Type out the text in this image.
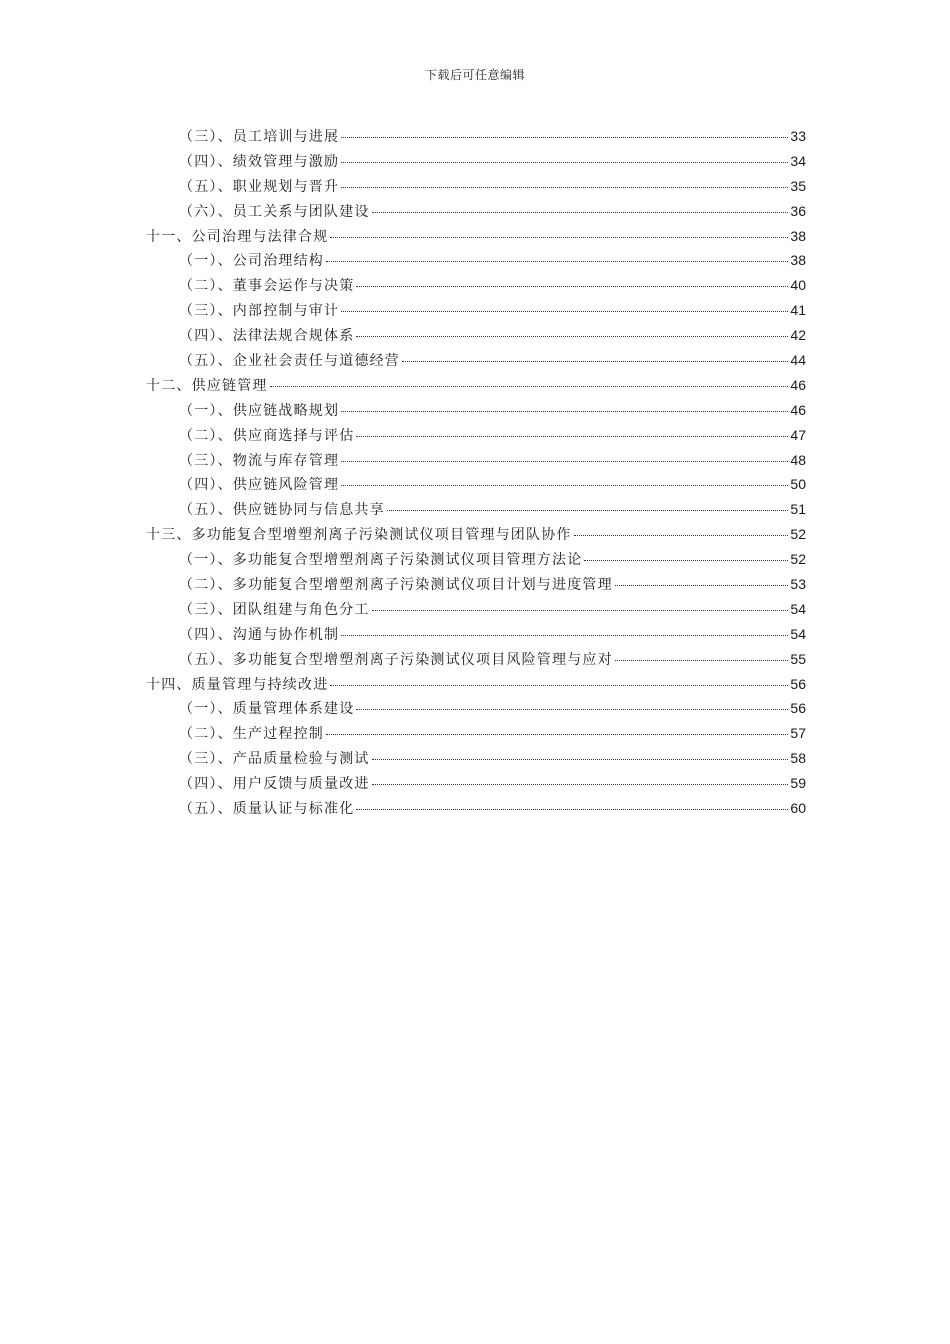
下载后可任意编辑
（三）、员工培训与进展	33
（四）、绩效管理与激励	34
（五）、职业规划与晋升	35
（六）、员工关系与团队建设	36
十一、公司治理与法律合规	38
（一）、公司治理结构	38
（二）、董事会运作与决策	40
（三）、内部控制与审计	41
（四）、法律法规合规体系	42
（五）、企业社会责任与道德经营	44
十二、供应链管理	46
（一）、供应链战略规划	46
（二）、供应商选择与评估	47
（三）、物流与库存管理	48
（四）、供应链风险管理	50
（五）、供应链协同与信息共享	51
十三、多功能复合型增塑剂离子污染测试仪项目管理与团队协作	52
（一）、多功能复合型增塑剂离子污染测试仪项目管理方法论	52
（二）、多功能复合型增塑剂离子污染测试仪项目计划与进度管理	53
（三）、团队组建与角色分工	54
（四）、沟通与协作机制	54
（五）、多功能复合型增塑剂离子污染测试仪项目风险管理与应对	55
十四、质量管理与持续改进	56
（一）、质量管理体系建设	56
（二）、生产过程控制	57
（三）、产品质量检验与测试	58
（四）、用户反馈与质量改进	59
（五）、质量认证与标准化	60
